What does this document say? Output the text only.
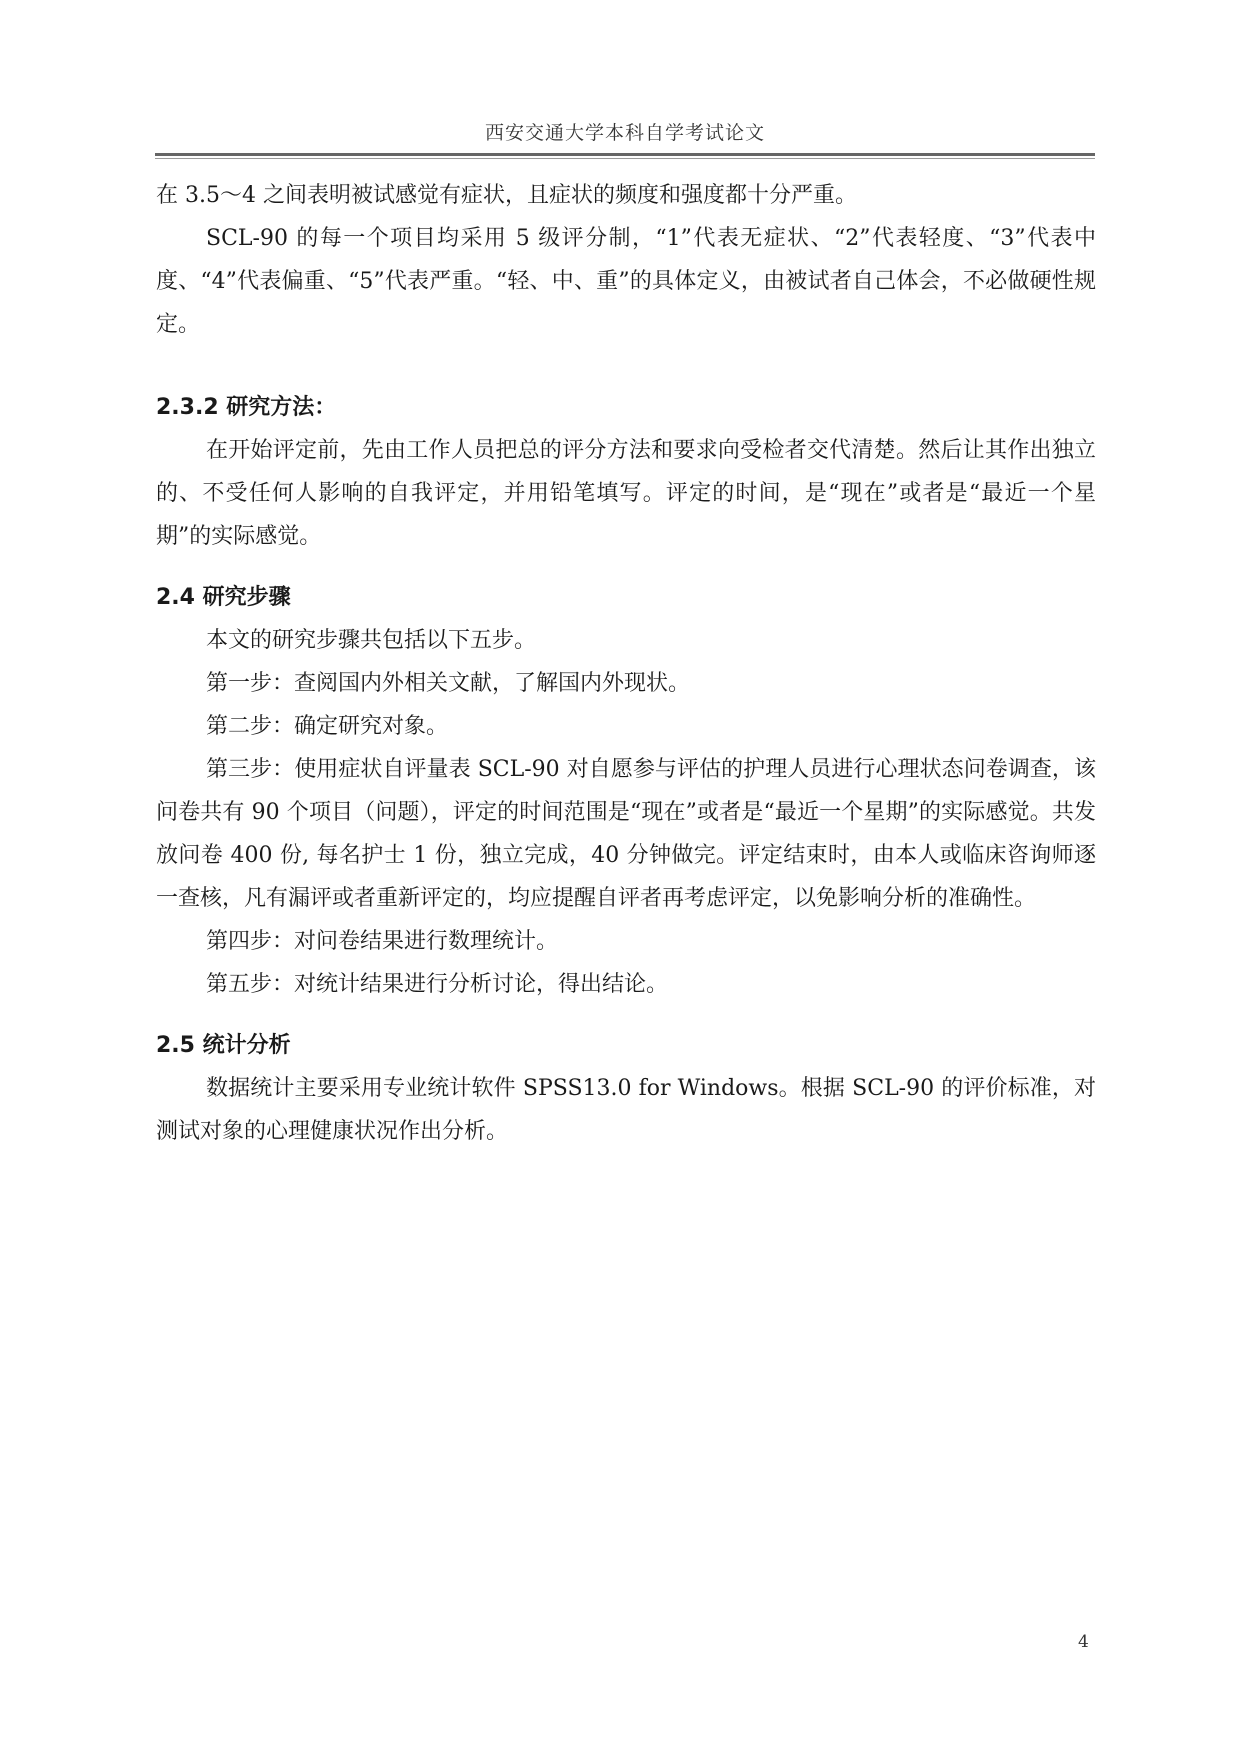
西安交通大学本科自学考试论文

在 3.5～4 之间表明被试感觉有症状，且症状的频度和强度都十分严重。

SCL-90 的每一个项目均采用 5 级评分制，“1”代表无症状、“2”代表轻度、“3”代表中度、“4”代表偏重、“5”代表严重。“轻、中、重”的具体定义，由被试者自己体会，不必做硬性规定。

2.3.2 研究方法：

在开始评定前，先由工作人员把总的评分方法和要求向受检者交代清楚。然后让其作出独立的、不受任何人影响的自我评定，并用铅笔填写。评定的时间，是“现在”或者是“最近一个星期”的实际感觉。

2.4 研究步骤

本文的研究步骤共包括以下五步。

第一步：查阅国内外相关文献，了解国内外现状。

第二步：确定研究对象。

第三步：使用症状自评量表 SCL-90 对自愿参与评估的护理人员进行心理状态问卷调查，该问卷共有 90 个项目（问题），评定的时间范围是“现在”或者是“最近一个星期”的实际感觉。共发放问卷 400 份, 每名护士 1 份，独立完成，40 分钟做完。评定结束时，由本人或临床咨询师逐一查核，凡有漏评或者重新评定的，均应提醒自评者再考虑评定，以免影响分析的准确性。

第四步：对问卷结果进行数理统计。

第五步：对统计结果进行分析讨论，得出结论。

2.5 统计分析

数据统计主要采用专业统计软件 SPSS13.0 for Windows。根据 SCL-90 的评价标准，对测试对象的心理健康状况作出分析。

4
